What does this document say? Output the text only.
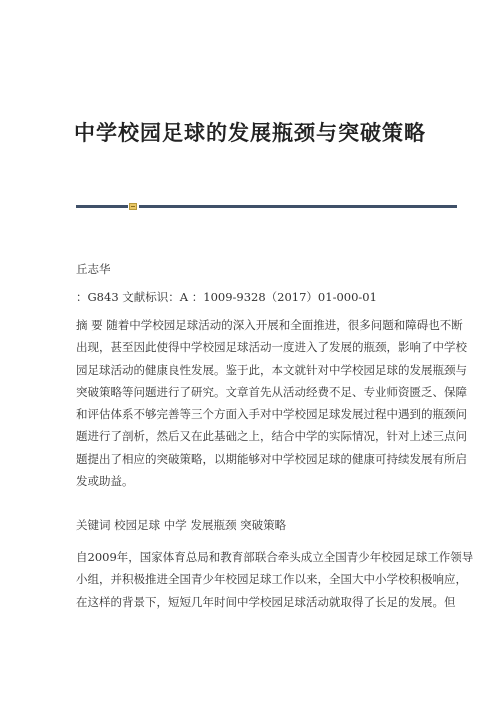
中学校园足球的发展瓶颈与突破策略
丘志华
：G843 文献标识：A ：1009-9328（2017）01-000-01
摘 要 随着中学校园足球活动的深入开展和全面推进，很多问题和障碍也不断
出现，甚至因此使得中学校园足球活动一度进入了发展的瓶颈，影响了中学校
园足球活动的健康良性发展。鉴于此，本文就针对中学校园足球的发展瓶颈与
突破策略等问题进行了研究。文章首先从活动经费不足、专业师资匮乏、保障
和评估体系不够完善等三个方面入手对中学校园足球发展过程中遇到的瓶颈问
题进行了剖析，然后又在此基础之上，结合中学的实际情况，针对上述三点问
题提出了相应的突破策略，以期能够对中学校园足球的健康可持续发展有所启
发或助益。
关键词 校园足球 中学 发展瓶颈 突破策略
自2009年，国家体育总局和教育部联合牵头成立全国青少年校园足球工作领导
小组，并积极推进全国青少年校园足球工作以来，全国大中小学校积极响应，
在这样的背景下，短短几年时间中学校园足球活动就取得了长足的发展。但
